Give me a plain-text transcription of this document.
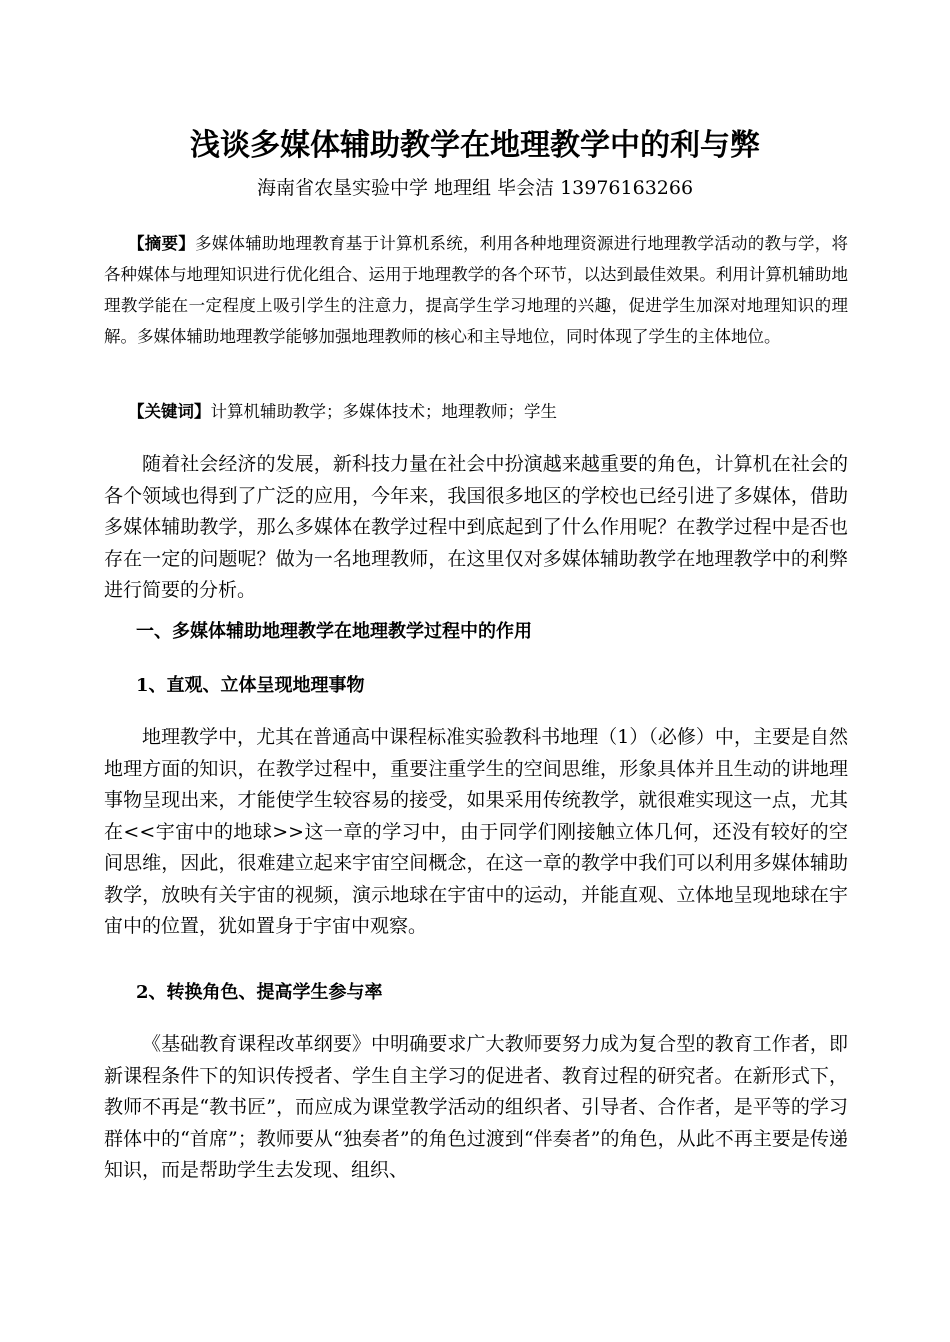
浅谈多媒体辅助教学在地理教学中的利与弊
海南省农垦实验中学 地理组 毕会洁 13976163266
【摘要】多媒体辅助地理教育基于计算机系统，利用各种地理资源进行地理教学活动的教与学，将各种媒体与地理知识进行优化组合、运用于地理教学的各个环节，以达到最佳效果。利用计算机辅助地理教学能在一定程度上吸引学生的注意力，提高学生学习地理的兴趣，促进学生加深对地理知识的理解。多媒体辅助地理教学能够加强地理教师的核心和主导地位，同时体现了学生的主体地位。
【关键词】计算机辅助教学；多媒体技术；地理教师；学生
随着社会经济的发展，新科技力量在社会中扮演越来越重要的角色，计算机在社会的各个领域也得到了广泛的应用，今年来，我国很多地区的学校也已经引进了多媒体，借助多媒体辅助教学，那么多媒体在教学过程中到底起到了什么作用呢？在教学过程中是否也存在一定的问题呢？做为一名地理教师，在这里仅对多媒体辅助教学在地理教学中的利弊进行简要的分析。
一、多媒体辅助地理教学在地理教学过程中的作用
1、直观、立体呈现地理事物
地理教学中，尤其在普通高中课程标准实验教科书地理（1）（必修）中，主要是自然地理方面的知识，在教学过程中，重要注重学生的空间思维，形象具体并且生动的讲地理事物呈现出来，才能使学生较容易的接受，如果采用传统教学，就很难实现这一点，尤其在<<宇宙中的地球>>这一章的学习中，由于同学们刚接触立体几何，还没有较好的空间思维，因此，很难建立起来宇宙空间概念，在这一章的教学中我们可以利用多媒体辅助教学，放映有关宇宙的视频，演示地球在宇宙中的运动，并能直观、立体地呈现地球在宇宙中的位置，犹如置身于宇宙中观察。
2、转换角色、提高学生参与率
《基础教育课程改革纲要》中明确要求广大教师要努力成为复合型的教育工作者，即新课程条件下的知识传授者、学生自主学习的促进者、教育过程的研究者。在新形式下，教师不再是“教书匠”，而应成为课堂教学活动的组织者、引导者、合作者，是平等的学习群体中的“首席”；教师要从“独奏者”的角色过渡到“伴奏者”的角色，从此不再主要是传递知识，而是帮助学生去发现、组织、
